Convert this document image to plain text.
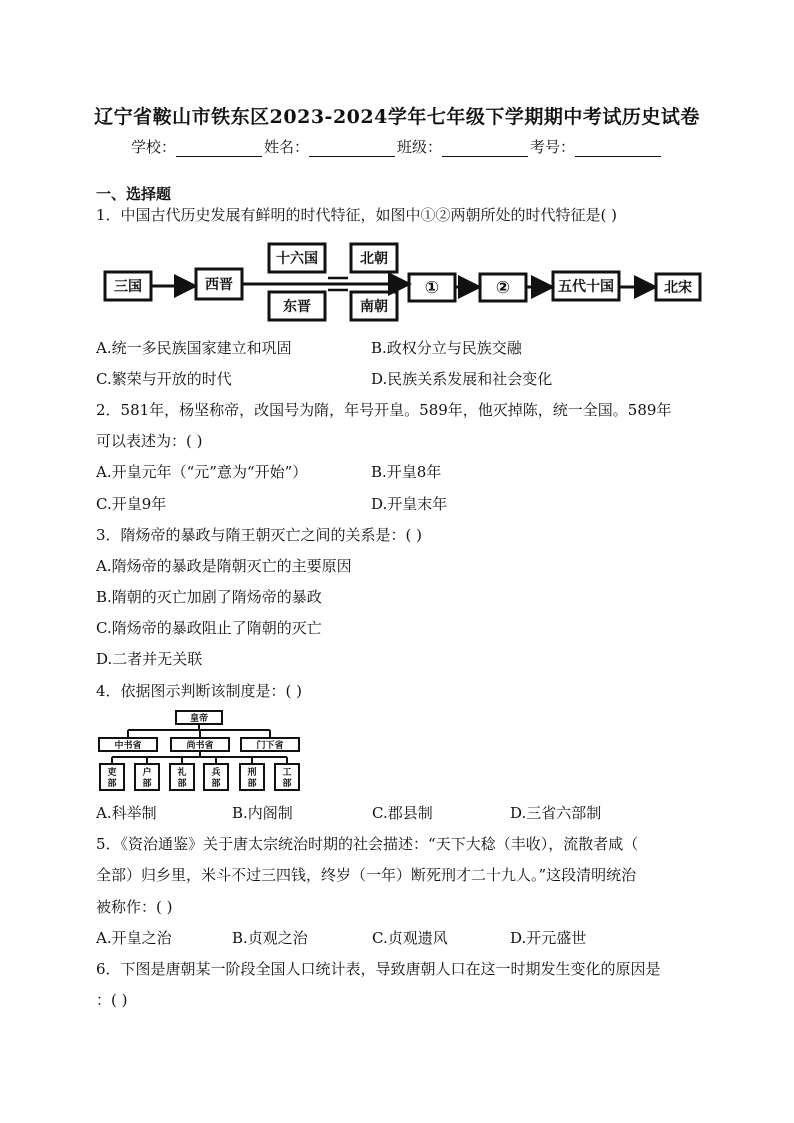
辽宁省鞍山市铁东区2023-2024学年七年级下学期期中考试历史试卷
学校：	姓名：	班级：	考号：
一、选择题
1．中国古代历史发展有鲜明的时代特征，如图中①②两朝所处的时代特征是( )
三国	西晋
十六国
东晋
北朝
南朝
①	②	五代十国	北宋
A.统一多民族国家建立和巩固	B.政权分立与民族交融
C.繁荣与开放的时代	D.民族关系发展和社会变化
2．581年，杨坚称帝，改国号为隋，年号开皇。589年，他灭掉陈，统一全国。589年
可以表述为：( )
A.开皇元年（“元”意为“开始”）	B.开皇8年
C.开皇9年	D.开皇末年
3．隋炀帝的暴政与隋王朝灭亡之间的关系是：( )
A.隋炀帝的暴政是隋朝灭亡的主要原因
B.隋朝的灭亡加剧了隋炀帝的暴政
C.隋炀帝的暴政阻止了隋朝的灭亡
D.二者并无关联
4．依据图示判断该制度是：( )
皇帝
中书省	尚书省	门下省
吏部
户部
礼部
兵部
刑部
工部
A.科举制	B.内阁制	C.郡县制	D.三省六部制
5．《资治通鉴》关于唐太宗统治时期的社会描述：“天下大稔（丰收），流散者咸（
全部）归乡里，米斗不过三四钱，终岁（一年）断死刑才二十九人。”这段清明统治
被称作：( )
A.开皇之治	B.贞观之治	C.贞观遗风	D.开元盛世
6．下图是唐朝某一阶段全国人口统计表，导致唐朝人口在这一时期发生变化的原因是
：( )
